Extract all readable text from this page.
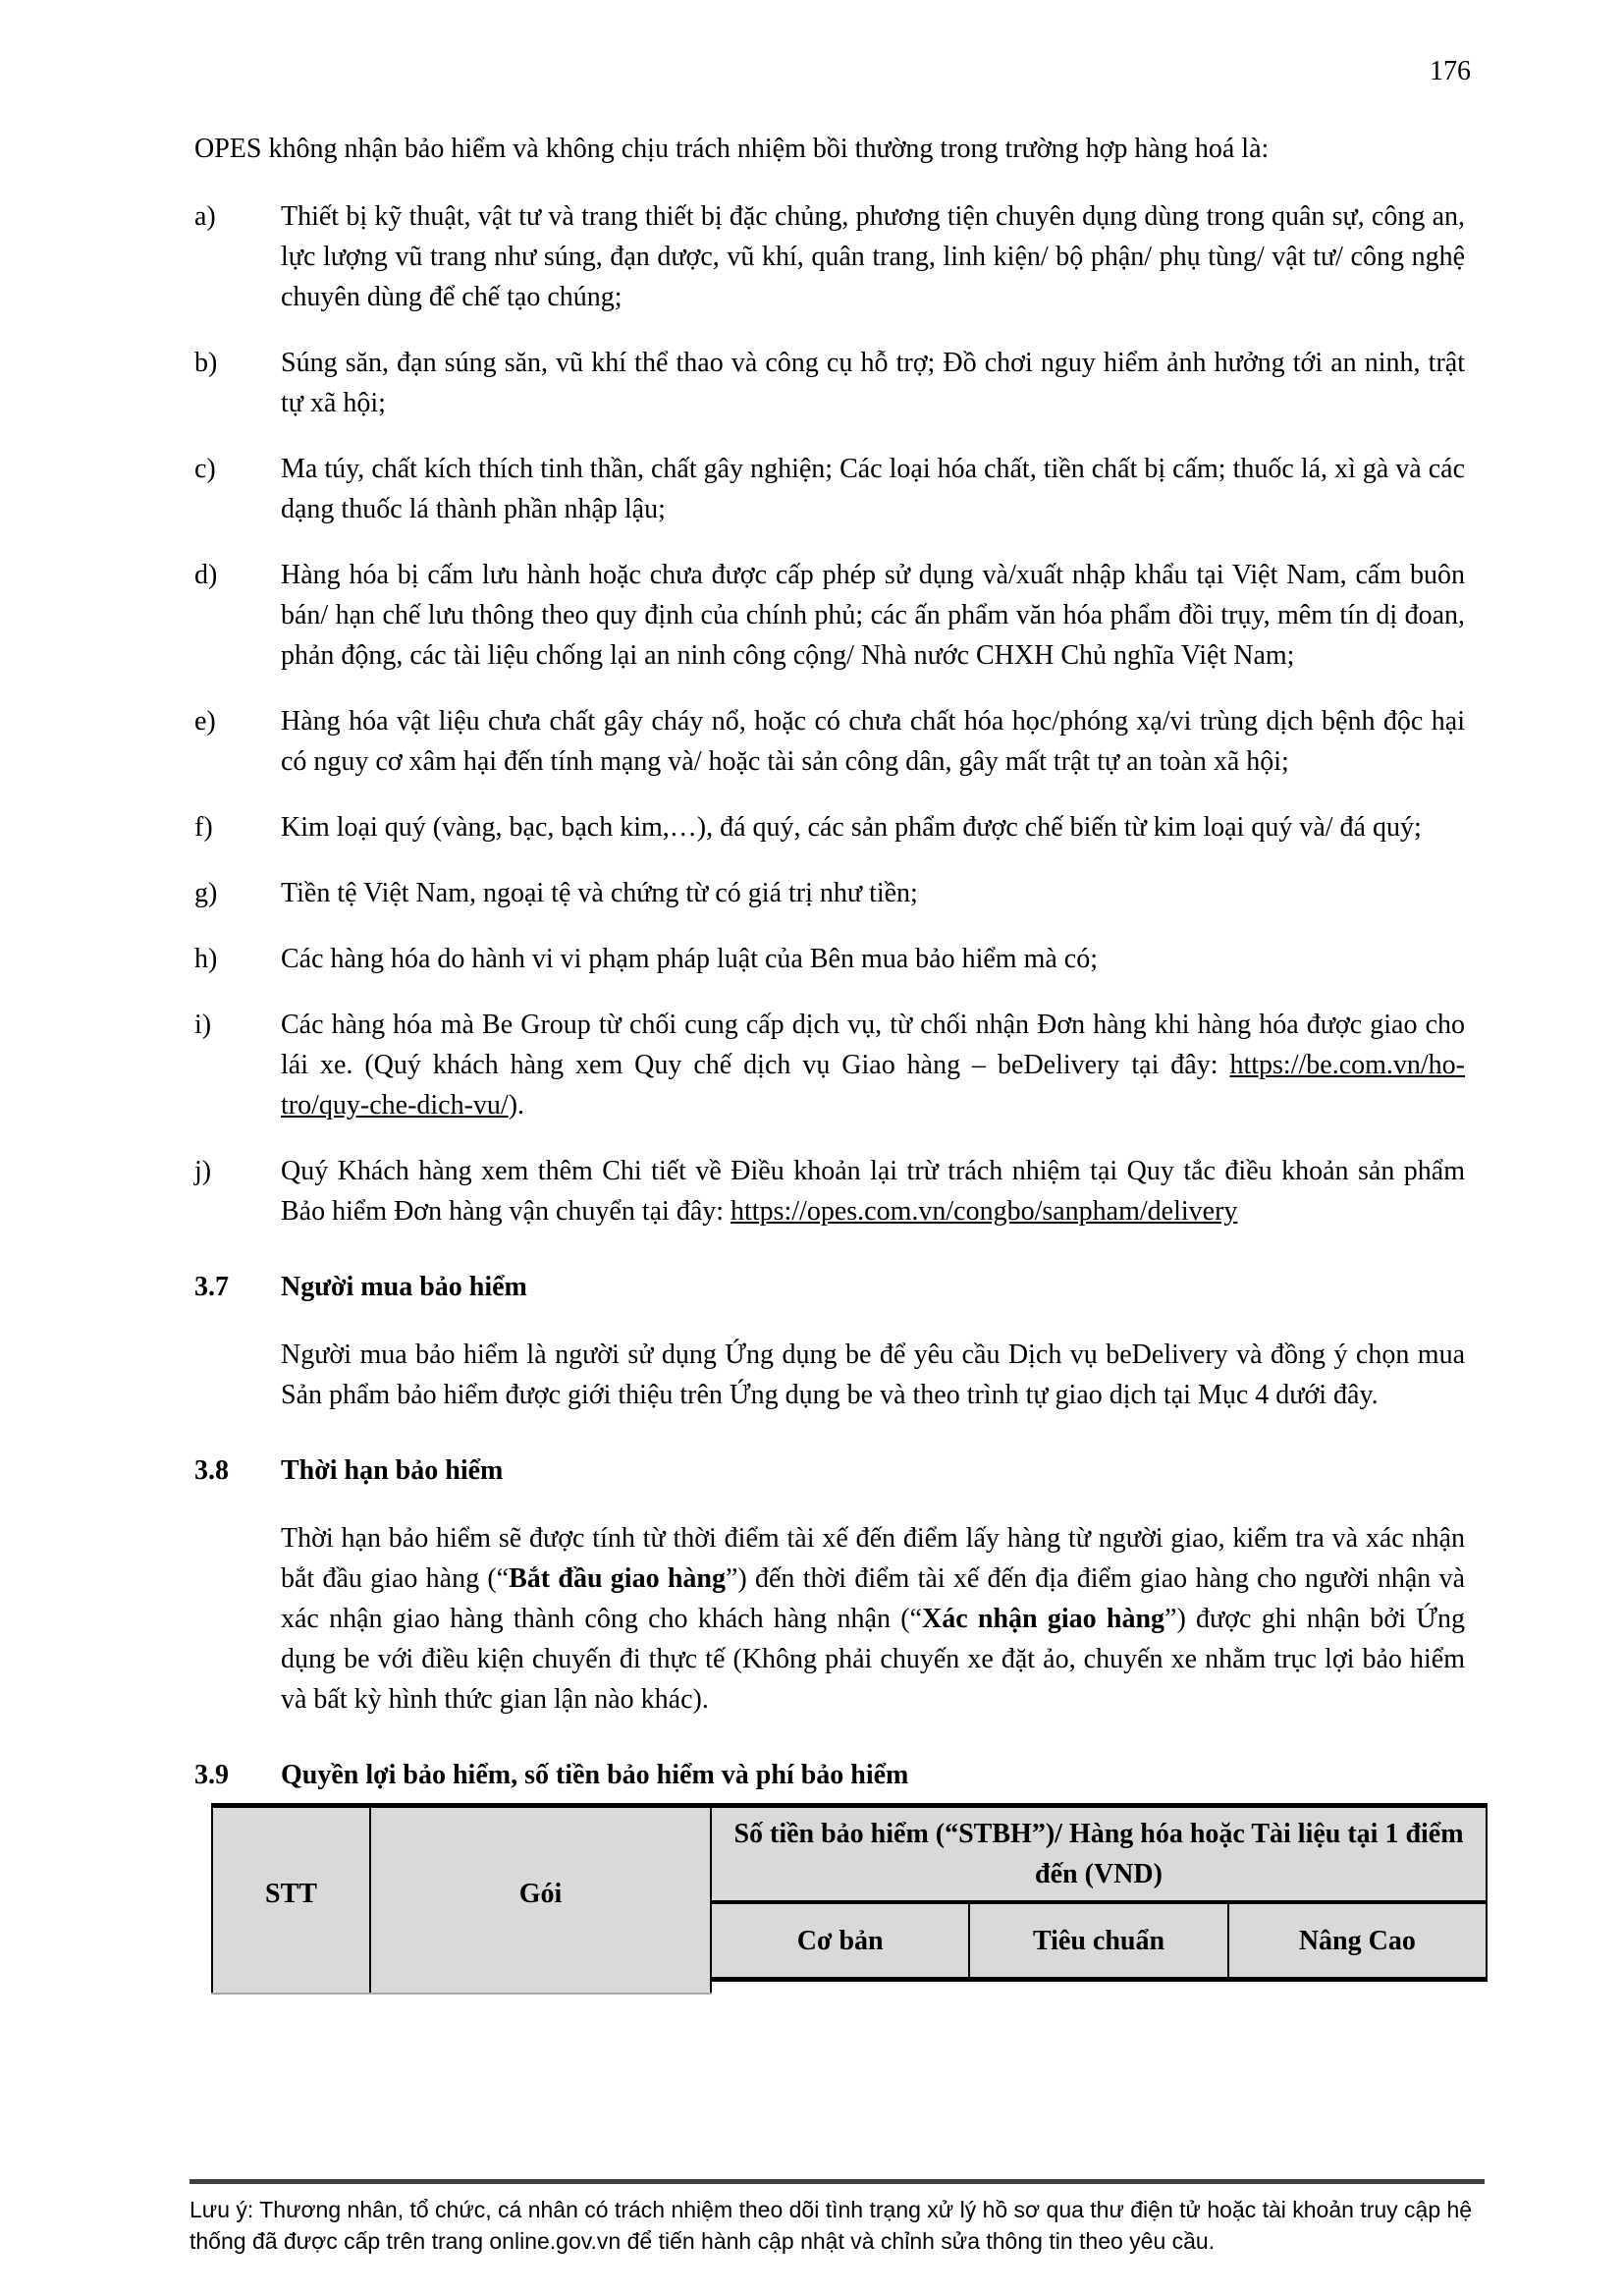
176

OPES không nhận bảo hiểm và không chịu trách nhiệm bồi thường trong trường hợp hàng hoá là:

a)	Thiết bị kỹ thuật, vật tư và trang thiết bị đặc chủng, phương tiện chuyên dụng dùng trong quân sự, công an, lực lượng vũ trang như súng, đạn dược, vũ khí, quân trang, linh kiện/ bộ phận/ phụ tùng/ vật tư/ công nghệ chuyên dùng để chế tạo chúng;

b)	Súng săn, đạn súng săn, vũ khí thể thao và công cụ hỗ trợ; Đồ chơi nguy hiểm ảnh hưởng tới an ninh, trật tự xã hội;

c)	Ma túy, chất kích thích tinh thần, chất gây nghiện; Các loại hóa chất, tiền chất bị cấm; thuốc lá, xì gà và các dạng thuốc lá thành phần nhập lậu;

d)	Hàng hóa bị cấm lưu hành hoặc chưa được cấp phép sử dụng và/xuất nhập khẩu tại Việt Nam, cấm buôn bán/ hạn chế lưu thông theo quy định của chính phủ; các ấn phẩm văn hóa phẩm đồi trụy, mêm tín dị đoan, phản động, các tài liệu chống lại an ninh công cộng/ Nhà nước CHXH Chủ nghĩa Việt Nam;

e)	Hàng hóa vật liệu chưa chất gây cháy nổ, hoặc có chưa chất hóa học/phóng xạ/vi trùng dịch bệnh độc hại có nguy cơ xâm hại đến tính mạng và/ hoặc tài sản công dân, gây mất trật tự an toàn xã hội;

f)	Kim loại quý (vàng, bạc, bạch kim,…), đá quý, các sản phẩm được chế biến từ kim loại quý và/ đá quý;

g)	Tiền tệ Việt Nam, ngoại tệ và chứng từ có giá trị như tiền;

h)	Các hàng hóa do hành vi vi phạm pháp luật của Bên mua bảo hiểm mà có;

i)	Các hàng hóa mà Be Group từ chối cung cấp dịch vụ, từ chối nhận Đơn hàng khi hàng hóa được giao cho lái xe. (Quý khách hàng xem Quy chế dịch vụ Giao hàng – beDelivery tại đây: https://be.com.vn/ho-tro/quy-che-dich-vu/).

j)	Quý Khách hàng xem thêm Chi tiết về Điều khoản lại trừ trách nhiệm tại Quy tắc điều khoản sản phẩm Bảo hiểm Đơn hàng vận chuyển tại đây: https://opes.com.vn/congbo/sanpham/delivery

3.7	Người mua bảo hiểm

Người mua bảo hiểm là người sử dụng Ứng dụng be để yêu cầu Dịch vụ beDelivery và đồng ý chọn mua Sản phẩm bảo hiểm được giới thiệu trên Ứng dụng be và theo trình tự giao dịch tại Mục 4 dưới đây.

3.8	Thời hạn bảo hiểm

Thời hạn bảo hiểm sẽ được tính từ thời điểm tài xế đến điểm lấy hàng từ người giao, kiểm tra và xác nhận bắt đầu giao hàng (“Bắt đầu giao hàng”) đến thời điểm tài xế đến địa điểm giao hàng cho người nhận và xác nhận giao hàng thành công cho khách hàng nhận (“Xác nhận giao hàng”) được ghi nhận bởi Ứng dụng be với điều kiện chuyến đi thực tế (Không phải chuyến xe đặt ảo, chuyến xe nhằm trục lợi bảo hiểm và bất kỳ hình thức gian lận nào khác).

3.9	Quyền lợi bảo hiểm, số tiền bảo hiểm và phí bảo hiểm
STT	Gói	Số tiền bảo hiểm (“STBH”)/ Hàng hóa hoặc Tài liệu tại 1 điểm đến (VND)		
		Cơ bản	Tiêu chuẩn	Nâng Cao

Lưu ý: Thương nhân, tổ chức, cá nhân có trách nhiệm theo dõi tình trạng xử lý hồ sơ qua thư điện tử hoặc tài khoản truy cập hệ thống đã được cấp trên trang online.gov.vn để tiến hành cập nhật và chỉnh sửa thông tin theo yêu cầu.
